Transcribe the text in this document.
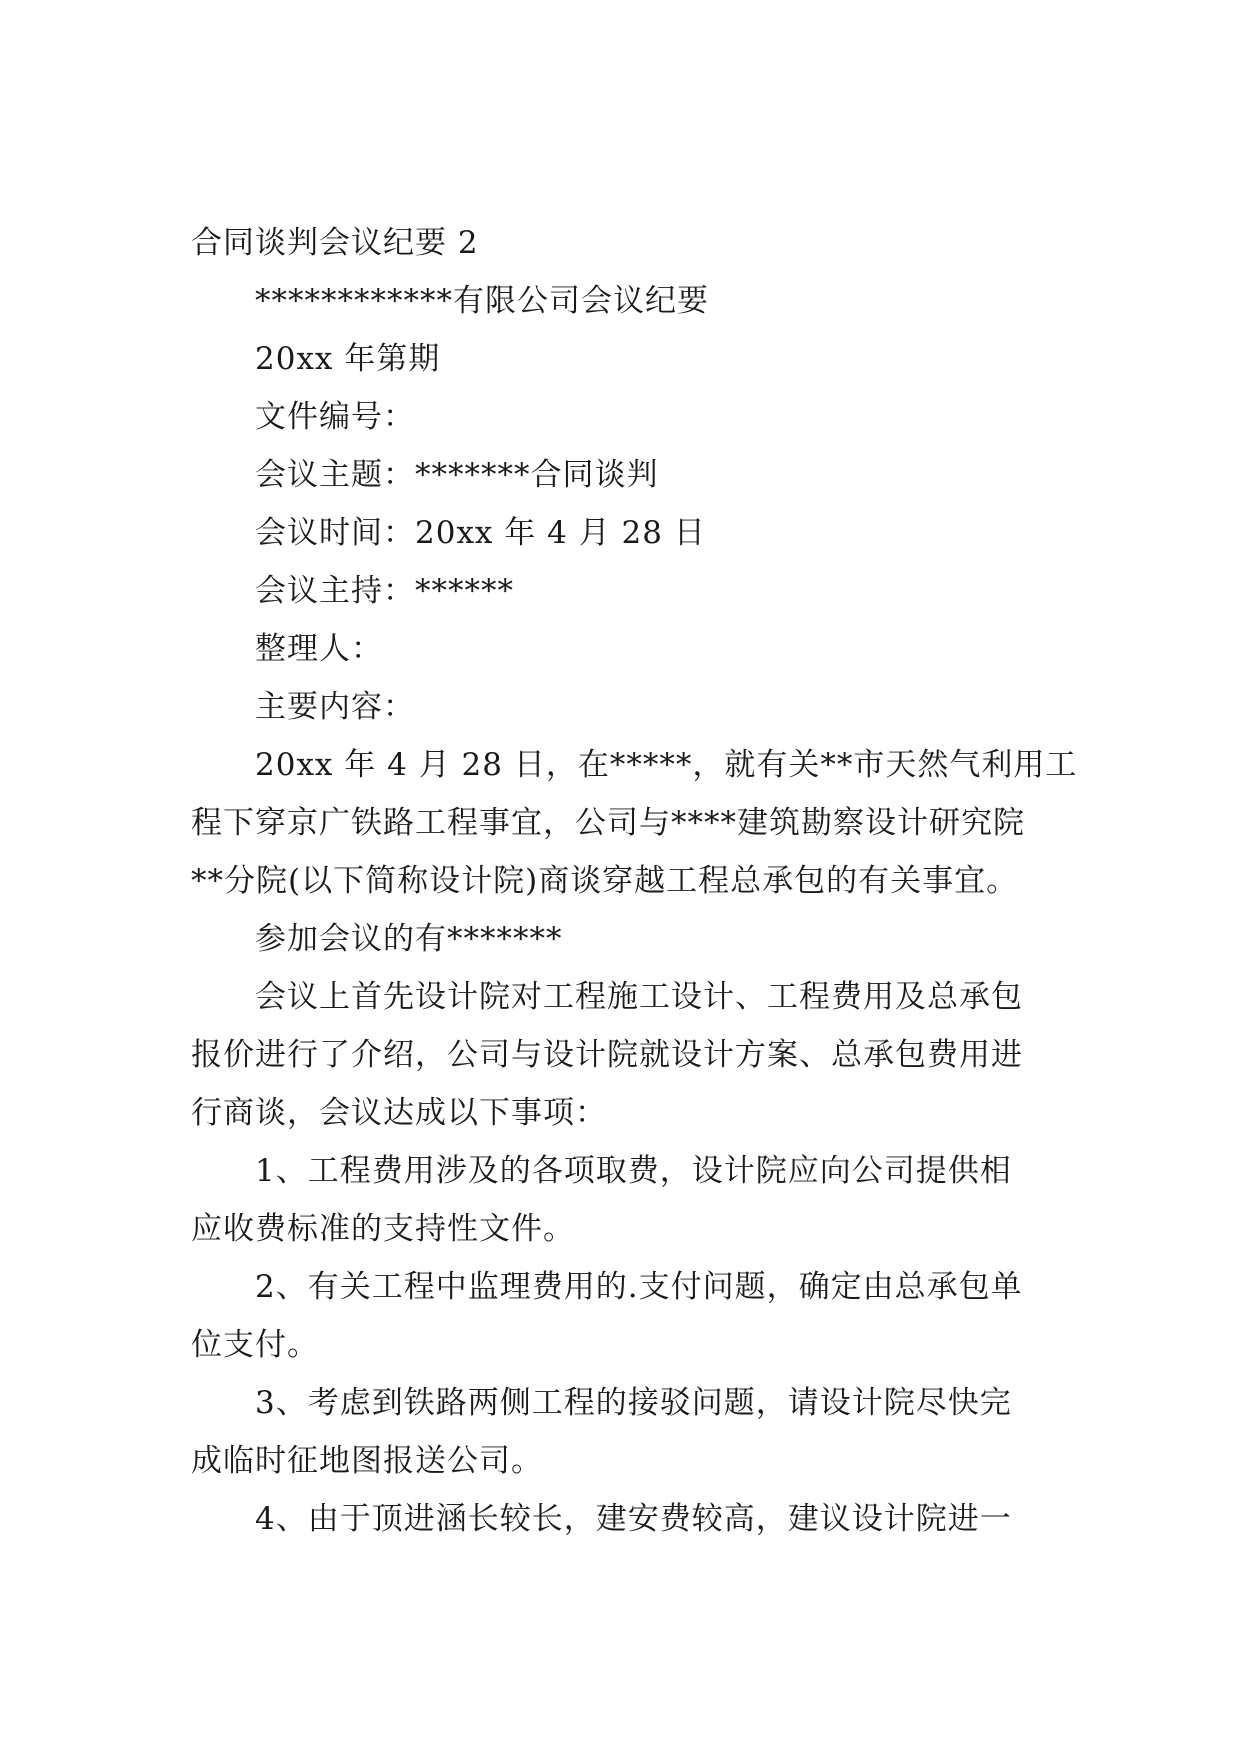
合同谈判会议纪要 2
************有限公司会议纪要
20xx 年第期
文件编号：
会议主题：*******合同谈判
会议时间：20xx 年 4 月 28 日
会议主持：******
整理人：
主要内容：
20xx 年 4 月 28 日，在*****，就有关**市天然气利用工
程下穿京广铁路工程事宜，公司与****建筑勘察设计研究院
**分院(以下简称设计院)商谈穿越工程总承包的有关事宜。
参加会议的有*******
会议上首先设计院对工程施工设计、工程费用及总承包
报价进行了介绍，公司与设计院就设计方案、总承包费用进
行商谈，会议达成以下事项：
1、工程费用涉及的各项取费，设计院应向公司提供相
应收费标准的支持性文件。
2、有关工程中监理费用的.支付问题，确定由总承包单
位支付。
3、考虑到铁路两侧工程的接驳问题，请设计院尽快完
成临时征地图报送公司。
4、由于顶进涵长较长，建安费较高，建议设计院进一
